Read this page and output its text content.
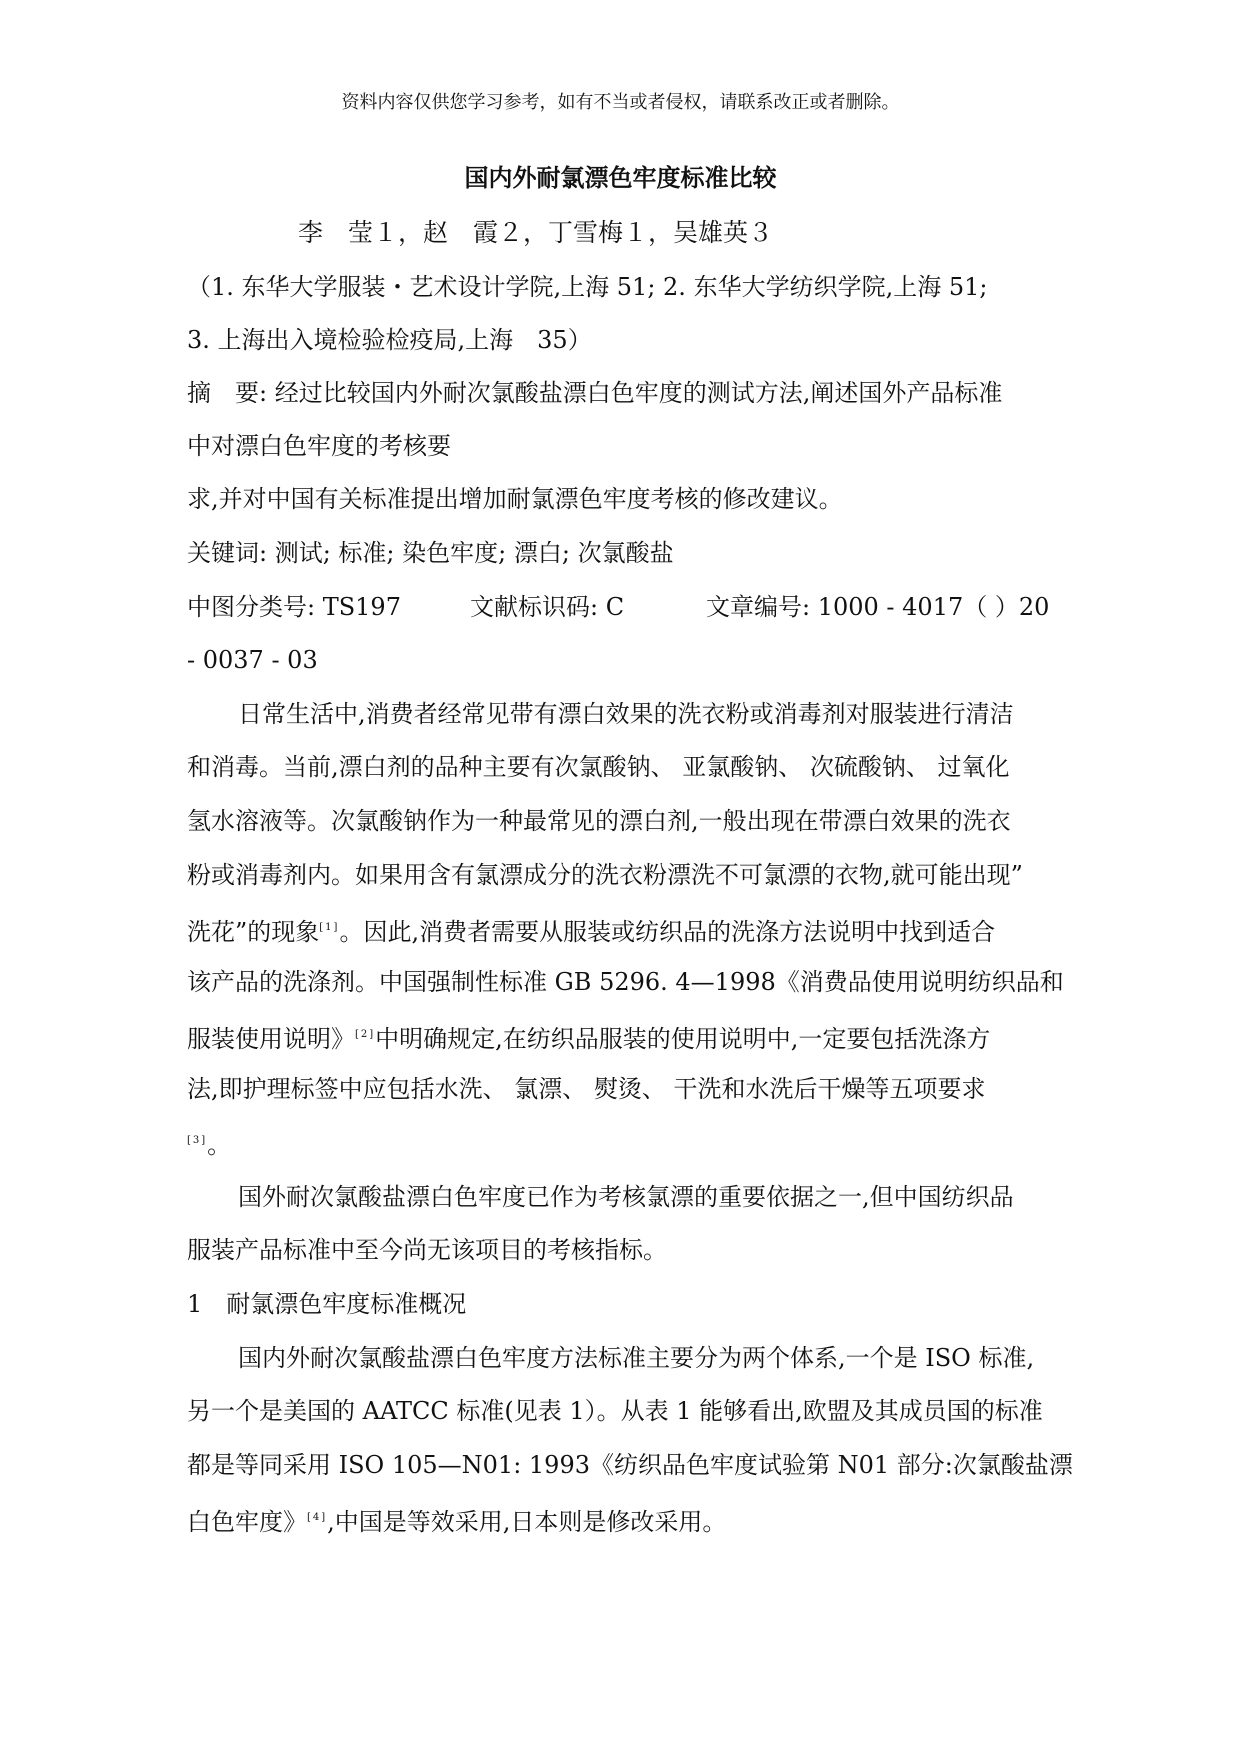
资料内容仅供您学习参考，如有不当或者侵权，请联系改正或者删除。
国内外耐氯漂色牢度标准比较
李　莹１，赵　霞２，丁雪梅１，吴雄英３
（1. 东华大学服装・艺术设计学院,上海 51; 2. 东华大学纺织学院,上海 51;
3. 上海出入境检验检疫局,上海　35）
摘　要: 经过比较国内外耐次氯酸盐漂白色牢度的测试方法,阐述国外产品标准
中对漂白色牢度的考核要
求,并对中国有关标准提出增加耐氯漂色牢度考核的修改建议。
关键词: 测试; 标准; 染色牢度; 漂白; 次氯酸盐
中图分类号: TS197	文献标识码: C	文章编号: 1000 - 4017（ ）20
- 0037 - 03
日常生活中,消费者经常见带有漂白效果的洗衣粉或消毒剂对服装进行清洁
和消毒。当前,漂白剂的品种主要有次氯酸钠、 亚氯酸钠、 次硫酸钠、 过氧化
氢水溶液等。次氯酸钠作为一种最常见的漂白剂,一般出现在带漂白效果的洗衣
粉或消毒剂内。如果用含有氯漂成分的洗衣粉漂洗不可氯漂的衣物,就可能出现”
洗花”的现象[1]。因此,消费者需要从服装或纺织品的洗涤方法说明中找到适合
该产品的洗涤剂。中国强制性标准 GB 5296. 4—1998《消费品使用说明纺织品和
服装使用说明》[2]中明确规定,在纺织品服装的使用说明中,一定要包括洗涤方
法,即护理标签中应包括水洗、 氯漂、 熨烫、 干洗和水洗后干燥等五项要求
[3]。
国外耐次氯酸盐漂白色牢度已作为考核氯漂的重要依据之一,但中国纺织品
服装产品标准中至今尚无该项目的考核指标。
1　耐氯漂色牢度标准概况
国内外耐次氯酸盐漂白色牢度方法标准主要分为两个体系,一个是 ISO 标准,
另一个是美国的 AATCC 标准(见表 1）。从表 1 能够看出,欧盟及其成员国的标准
都是等同采用 ISO 105—N01: 1993《纺织品色牢度试验第 N01 部分:次氯酸盐漂
白色牢度》[4],中国是等效采用,日本则是修改采用。
